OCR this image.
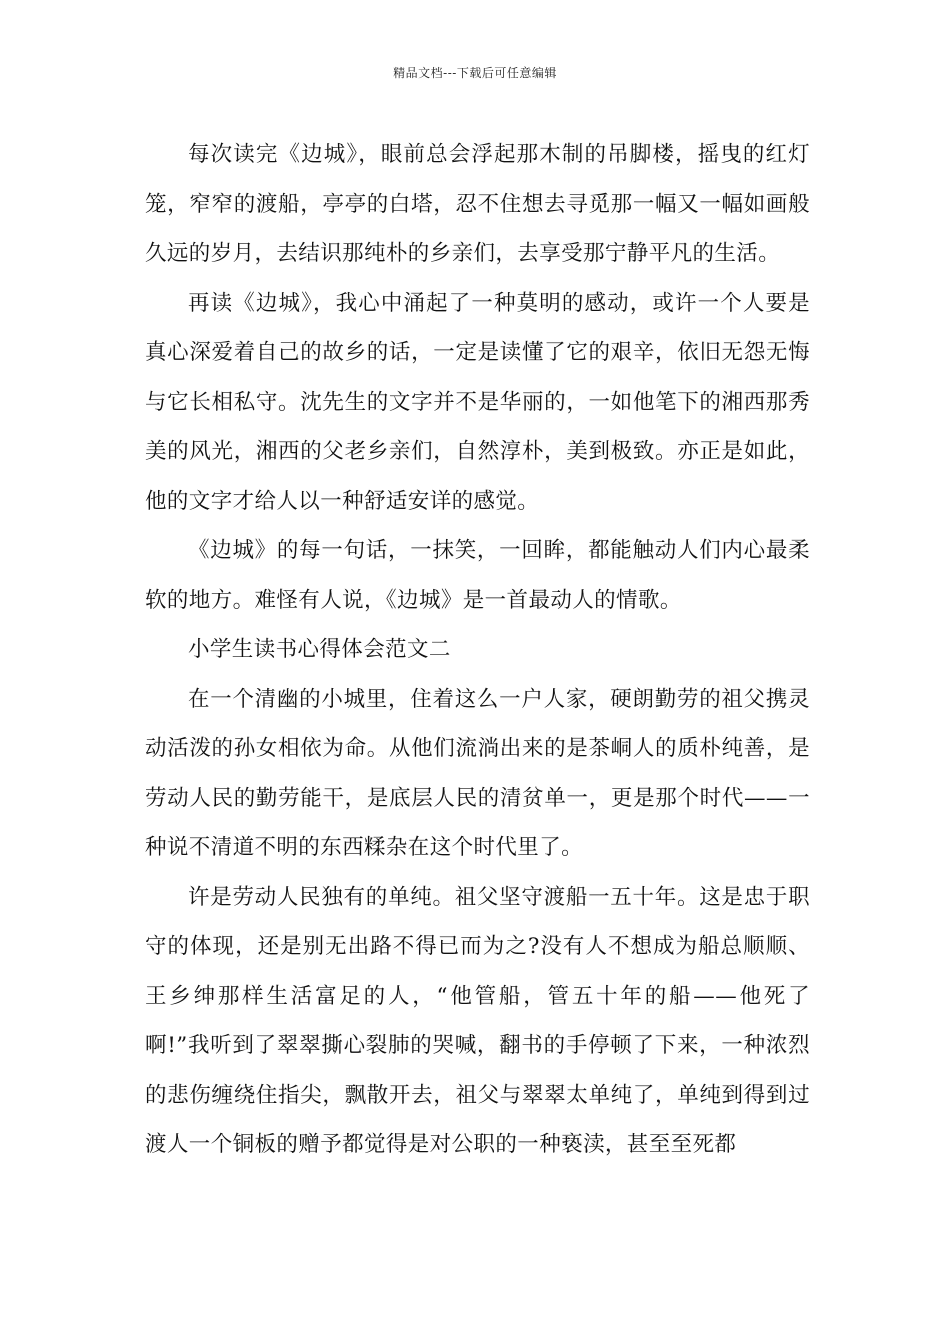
精品文档---下载后可任意编辑

每次读完《边城》，眼前总会浮起那木制的吊脚楼，摇曳的红灯笼，窄窄的渡船，亭亭的白塔，忍不住想去寻觅那一幅又一幅如画般久远的岁月，去结识那纯朴的乡亲们，去享受那宁静平凡的生活。

再读《边城》，我心中涌起了一种莫明的感动，或许一个人要是真心深爱着自己的故乡的话，一定是读懂了它的艰辛，依旧无怨无悔与它长相私守。沈先生的文字并不是华丽的，一如他笔下的湘西那秀美的风光，湘西的父老乡亲们，自然淳朴，美到极致。亦正是如此，他的文字才给人以一种舒适安详的感觉。

《边城》的每一句话，一抹笑，一回眸，都能触动人们内心最柔软的地方。难怪有人说，《边城》是一首最动人的情歌。

小学生读书心得体会范文二

在一个清幽的小城里，住着这么一户人家，硬朗勤劳的祖父携灵动活泼的孙女相依为命。从他们流淌出来的是茶峒人的质朴纯善，是劳动人民的勤劳能干，是底层人民的清贫单一，更是那个时代——一种说不清道不明的东西糅杂在这个时代里了。

许是劳动人民独有的单纯。祖父坚守渡船一五十年。这是忠于职守的体现，还是别无出路不得已而为之?没有人不想成为船总顺顺、王乡绅那样生活富足的人，“他管船，管五十年的船——他死了啊!”我听到了翠翠撕心裂肺的哭喊，翻书的手停顿了下来，一种浓烈的悲伤缠绕住指尖，飘散开去，祖父与翠翠太单纯了，单纯到得到过渡人一个铜板的赠予都觉得是对公职的一种亵渎，甚至至死都
